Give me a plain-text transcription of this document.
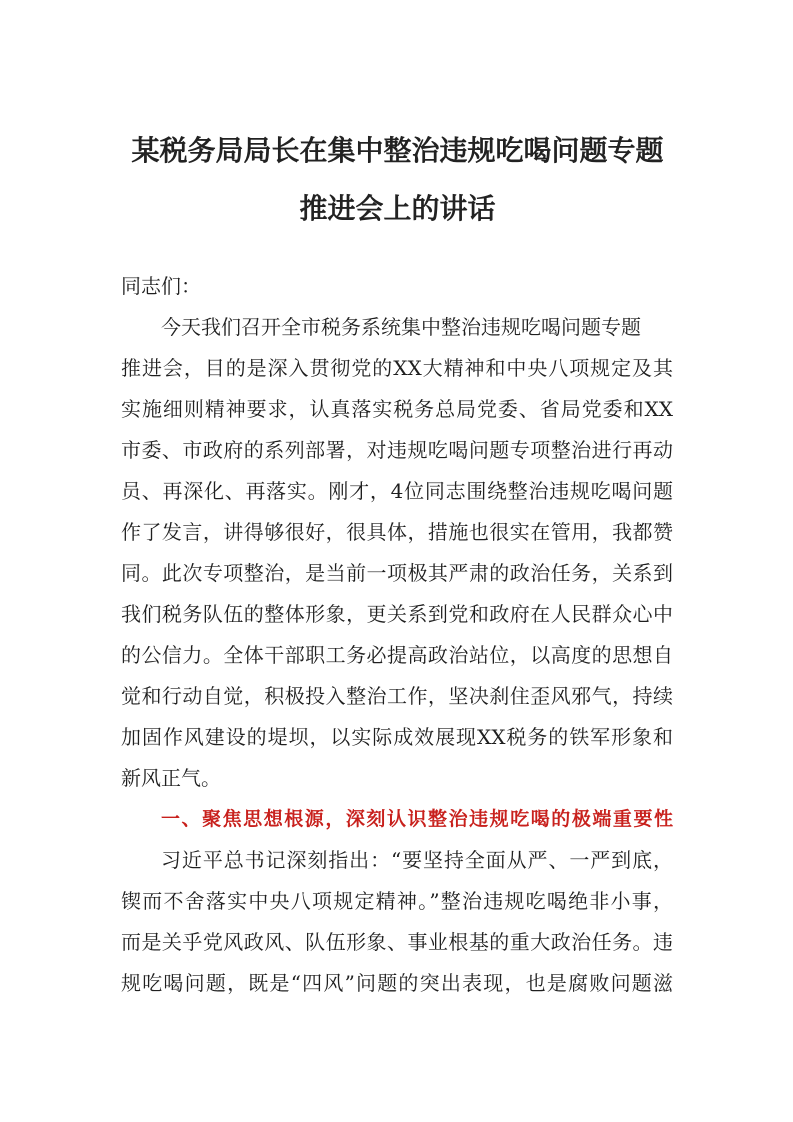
某税务局局长在集中整治违规吃喝问题专题
推进会上的讲话
同志们：
今天我们召开全市税务系统集中整治违规吃喝问题专题
推进会，目的是深入贯彻党的XX大精神和中央八项规定及其
实施细则精神要求，认真落实税务总局党委、省局党委和XX
市委、市政府的系列部署，对违规吃喝问题专项整治进行再动
员、再深化、再落实。刚才，4位同志围绕整治违规吃喝问题
作了发言，讲得够很好，很具体，措施也很实在管用，我都赞
同。此次专项整治，是当前一项极其严肃的政治任务，关系到
我们税务队伍的整体形象，更关系到党和政府在人民群众心中
的公信力。全体干部职工务必提高政治站位，以高度的思想自
觉和行动自觉，积极投入整治工作，坚决刹住歪风邪气，持续
加固作风建设的堤坝，以实际成效展现XX税务的铁军形象和
新风正气。
习近平总书记深刻指出：“要坚持全面从严、一严到底，
锲而不舍落实中央八项规定精神。”整治违规吃喝绝非小事，
而是关乎党风政风、队伍形象、事业根基的重大政治任务。违
规吃喝问题，既是“四风”问题的突出表现，也是腐败问题滋
一、聚焦思想根源，深刻认识整治违规吃喝的极端重要性
